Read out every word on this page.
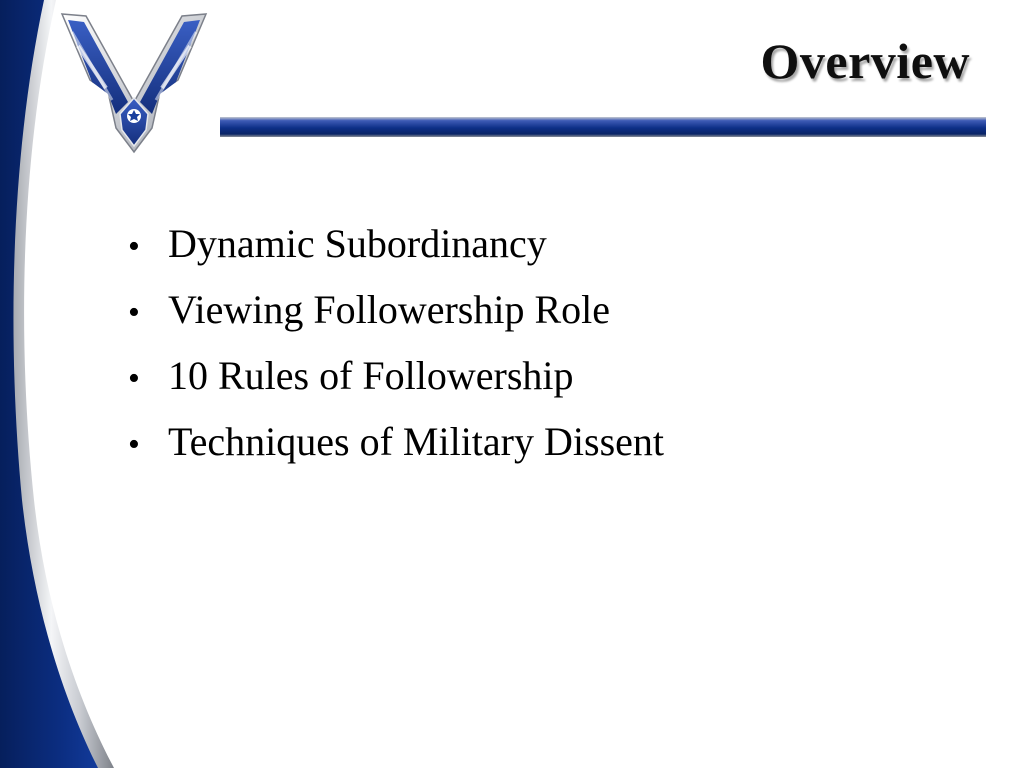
Overview
• Dynamic Subordinancy
• Viewing Followership Role
• 10 Rules of Followership
• Techniques of Military Dissent
